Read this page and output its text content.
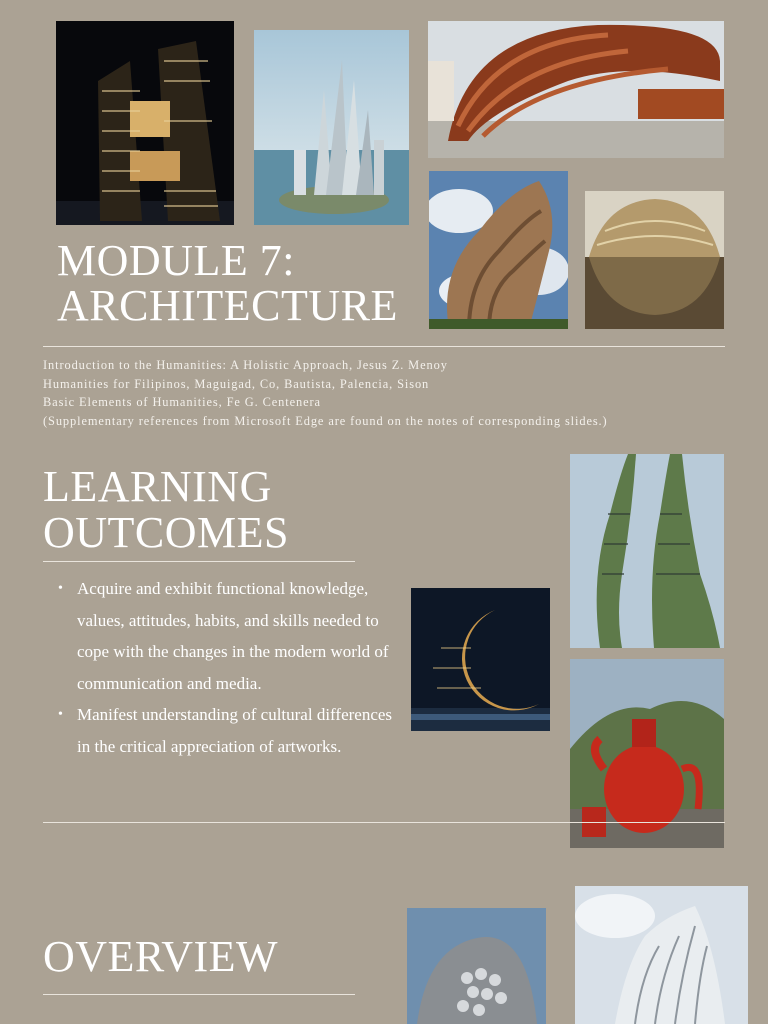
MODULE 7:
ARCHITECTURE
Introduction to the Humanities: A Holistic Approach, Jesus Z. Menoy
Humanities for Filipinos, Maguigad, Co, Bautista, Palencia, Sison
Basic Elements of Humanities, Fe G. Centenera
(Supplementary references from Microsoft Edge are found on the notes of corresponding slides.)
LEARNING
OUTCOMES
• Acquire and exhibit functional knowledge, values, attitudes, habits, and skills needed to cope with the changes in the modern world of communication and media.
• Manifest understanding of cultural differences in the critical appreciation of artworks.
OVERVIEW
